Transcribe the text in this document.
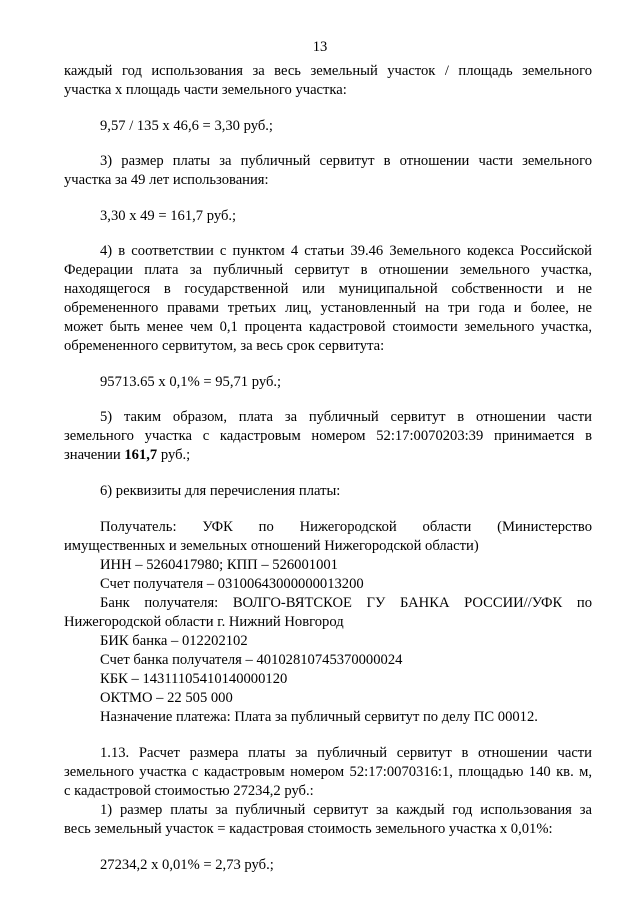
13

каждый год использования за весь земельный участок / площадь земельного

участка х площадь части земельного участка:

9,57 / 135 х 46,6 = 3,30 руб.;

3) размер платы за публичный сервитут в отношении части земельного

участка за 49 лет использования:

3,30 х 49 = 161,7 руб.;

4) в соответствии с пунктом 4 статьи 39.46 Земельного кодекса Российской

Федерации плата за публичный сервитут в отношении земельного участка,

находящегося в государственной или муниципальной собственности и не

обремененного правами третьих лиц, установленный на три года и более, не

может быть менее чем 0,1 процента кадастровой стоимости земельного участка,

обремененного сервитутом, за весь срок сервитута:

95713.65 х 0,1% = 95,71 руб.;

5) таким образом, плата за публичный сервитут в отношении части

земельного участка с кадастровым номером 52:17:0070203:39 принимается в

значении 161,7 руб.;

6) реквизиты для перечисления платы:

Получатель: УФК по Нижегородской области (Министерство

имущественных и земельных отношений Нижегородской области)

ИНН – 5260417980; КПП – 526001001

Счет получателя – 03100643000000013200

Банк получателя: ВОЛГО-ВЯТСКОЕ ГУ БАНКА РОССИИ//УФК по

Нижегородской области г. Нижний Новгород

БИК банка – 012202102

Счет банка получателя – 40102810745370000024

КБК – 14311105410140000120

ОКТМО – 22 505 000

Назначение платежа: Плата за публичный сервитут по делу ПС 00012.

1.13. Расчет размера платы за публичный сервитут в отношении части

земельного участка с кадастровым номером 52:17:0070316:1, площадью 140 кв. м,

с кадастровой стоимостью 27234,2 руб.:

1) размер платы за публичный сервитут за каждый год использования за

весь земельный участок = кадастровая стоимость земельного участка х 0,01%:

27234,2 х 0,01% = 2,73 руб.;
